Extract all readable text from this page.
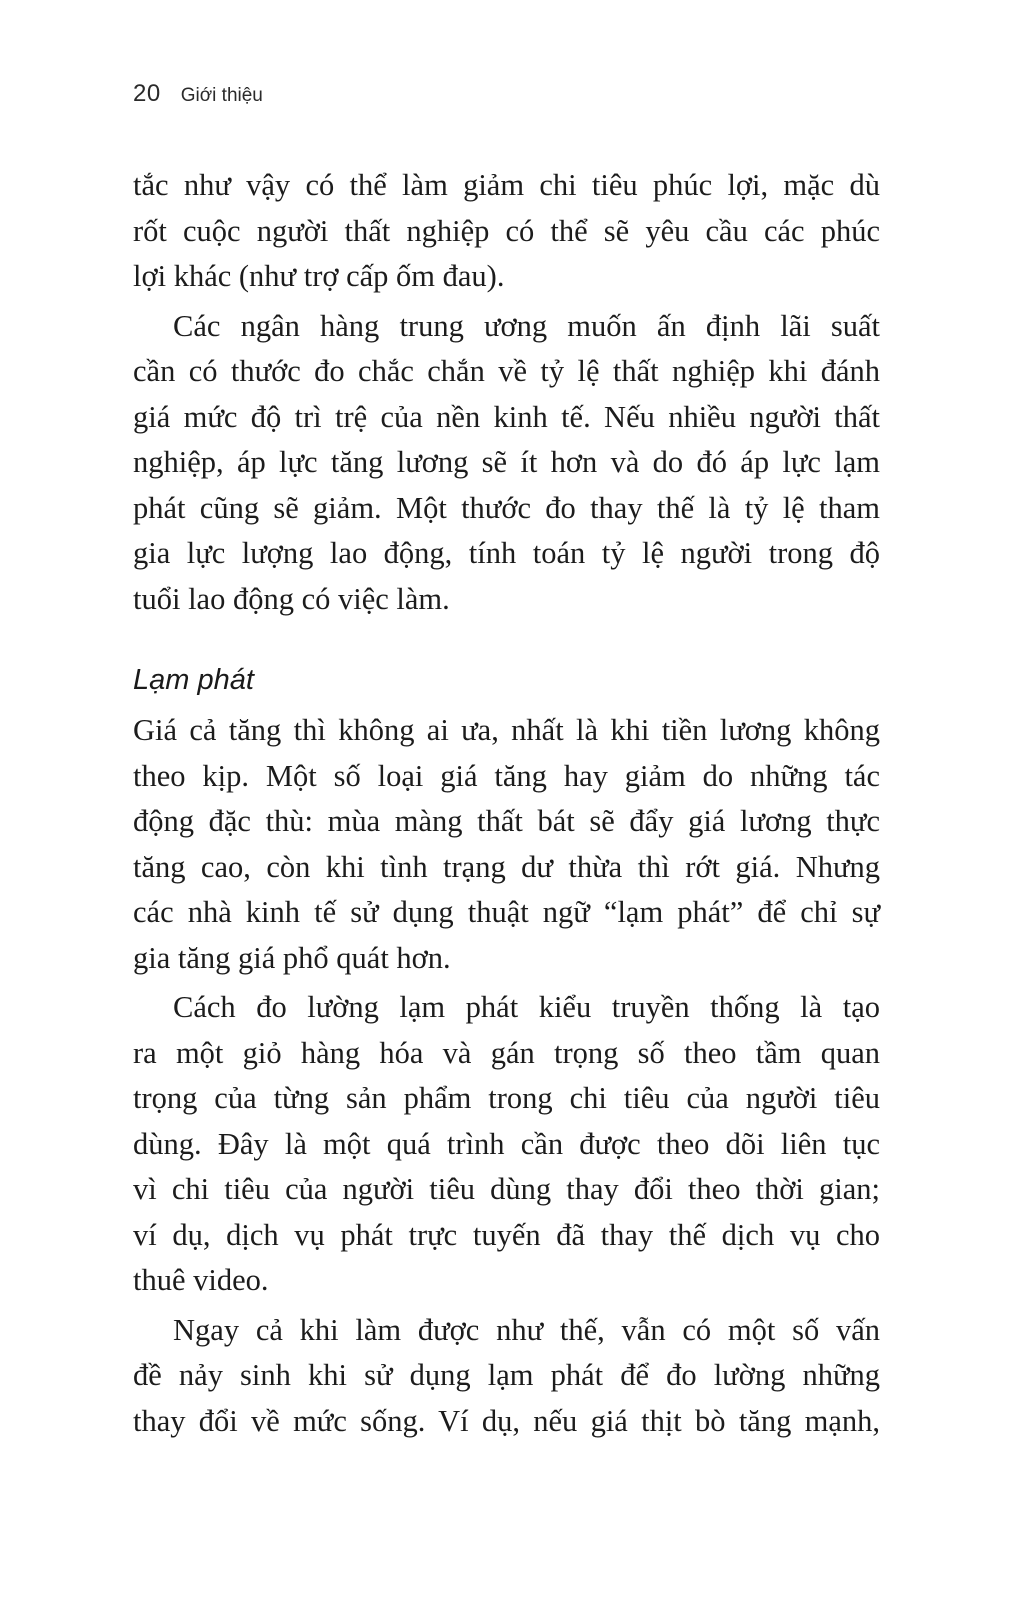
20 Giới thiệu

tắc như vậy có thể làm giảm chi tiêu phúc lợi, mặc dù
rốt cuộc người thất nghiệp có thể sẽ yêu cầu các phúc
lợi khác (như trợ cấp ốm đau).

Các ngân hàng trung ương muốn ấn định lãi suất
cần có thước đo chắc chắn về tỷ lệ thất nghiệp khi đánh
giá mức độ trì trệ của nền kinh tế. Nếu nhiều người thất
nghiệp, áp lực tăng lương sẽ ít hơn và do đó áp lực lạm
phát cũng sẽ giảm. Một thước đo thay thế là tỷ lệ tham
gia lực lượng lao động, tính toán tỷ lệ người trong độ
tuổi lao động có việc làm.

Lạm phát

Giá cả tăng thì không ai ưa, nhất là khi tiền lương không
theo kịp. Một số loại giá tăng hay giảm do những tác
động đặc thù: mùa màng thất bát sẽ đẩy giá lương thực
tăng cao, còn khi tình trạng dư thừa thì rớt giá. Nhưng
các nhà kinh tế sử dụng thuật ngữ “lạm phát” để chỉ sự
gia tăng giá phổ quát hơn.

Cách đo lường lạm phát kiểu truyền thống là tạo
ra một giỏ hàng hóa và gán trọng số theo tầm quan
trọng của từng sản phẩm trong chi tiêu của người tiêu
dùng. Đây là một quá trình cần được theo dõi liên tục
vì chi tiêu của người tiêu dùng thay đổi theo thời gian;
ví dụ, dịch vụ phát trực tuyến đã thay thế dịch vụ cho
thuê video.

Ngay cả khi làm được như thế, vẫn có một số vấn
đề nảy sinh khi sử dụng lạm phát để đo lường những
thay đổi về mức sống. Ví dụ, nếu giá thịt bò tăng mạnh,
